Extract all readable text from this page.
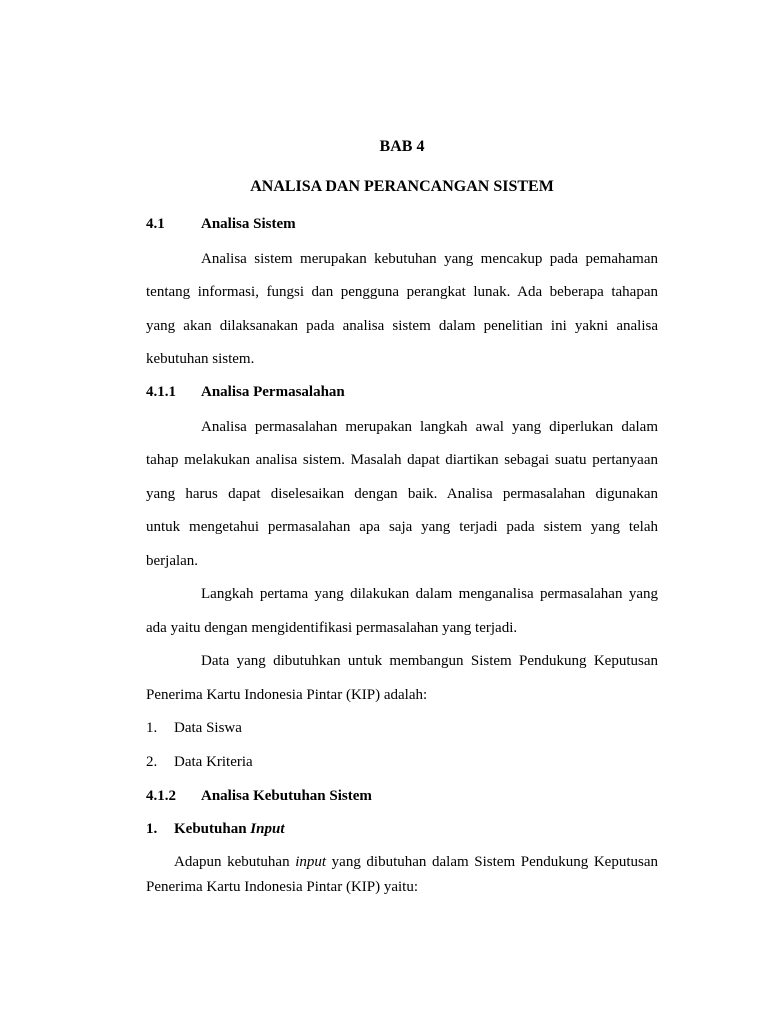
BAB 4
ANALISA DAN PERANCANGAN SISTEM
4.1 Analisa Sistem
Analisa sistem merupakan kebutuhan yang mencakup pada pemahaman
tentang informasi, fungsi dan pengguna perangkat lunak. Ada beberapa tahapan
yang akan dilaksanakan pada analisa sistem dalam penelitian ini yakni analisa
kebutuhan sistem.
4.1.1 Analisa Permasalahan
Analisa permasalahan merupakan langkah awal yang diperlukan dalam
tahap melakukan analisa sistem. Masalah dapat diartikan sebagai suatu pertanyaan
yang harus dapat diselesaikan dengan baik. Analisa permasalahan digunakan
untuk mengetahui permasalahan apa saja yang terjadi pada sistem yang telah
berjalan.
Langkah pertama yang dilakukan dalam menganalisa permasalahan yang
ada yaitu dengan mengidentifikasi permasalahan yang terjadi.
Data yang dibutuhkan untuk membangun Sistem Pendukung Keputusan
Penerima Kartu Indonesia Pintar (KIP) adalah:
1. Data Siswa
2. Data Kriteria
4.1.2 Analisa Kebutuhan Sistem
1. Kebutuhan Input
Adapun kebutuhan input yang dibutuhan dalam Sistem Pendukung Keputusan
Penerima Kartu Indonesia Pintar (KIP) yaitu:
